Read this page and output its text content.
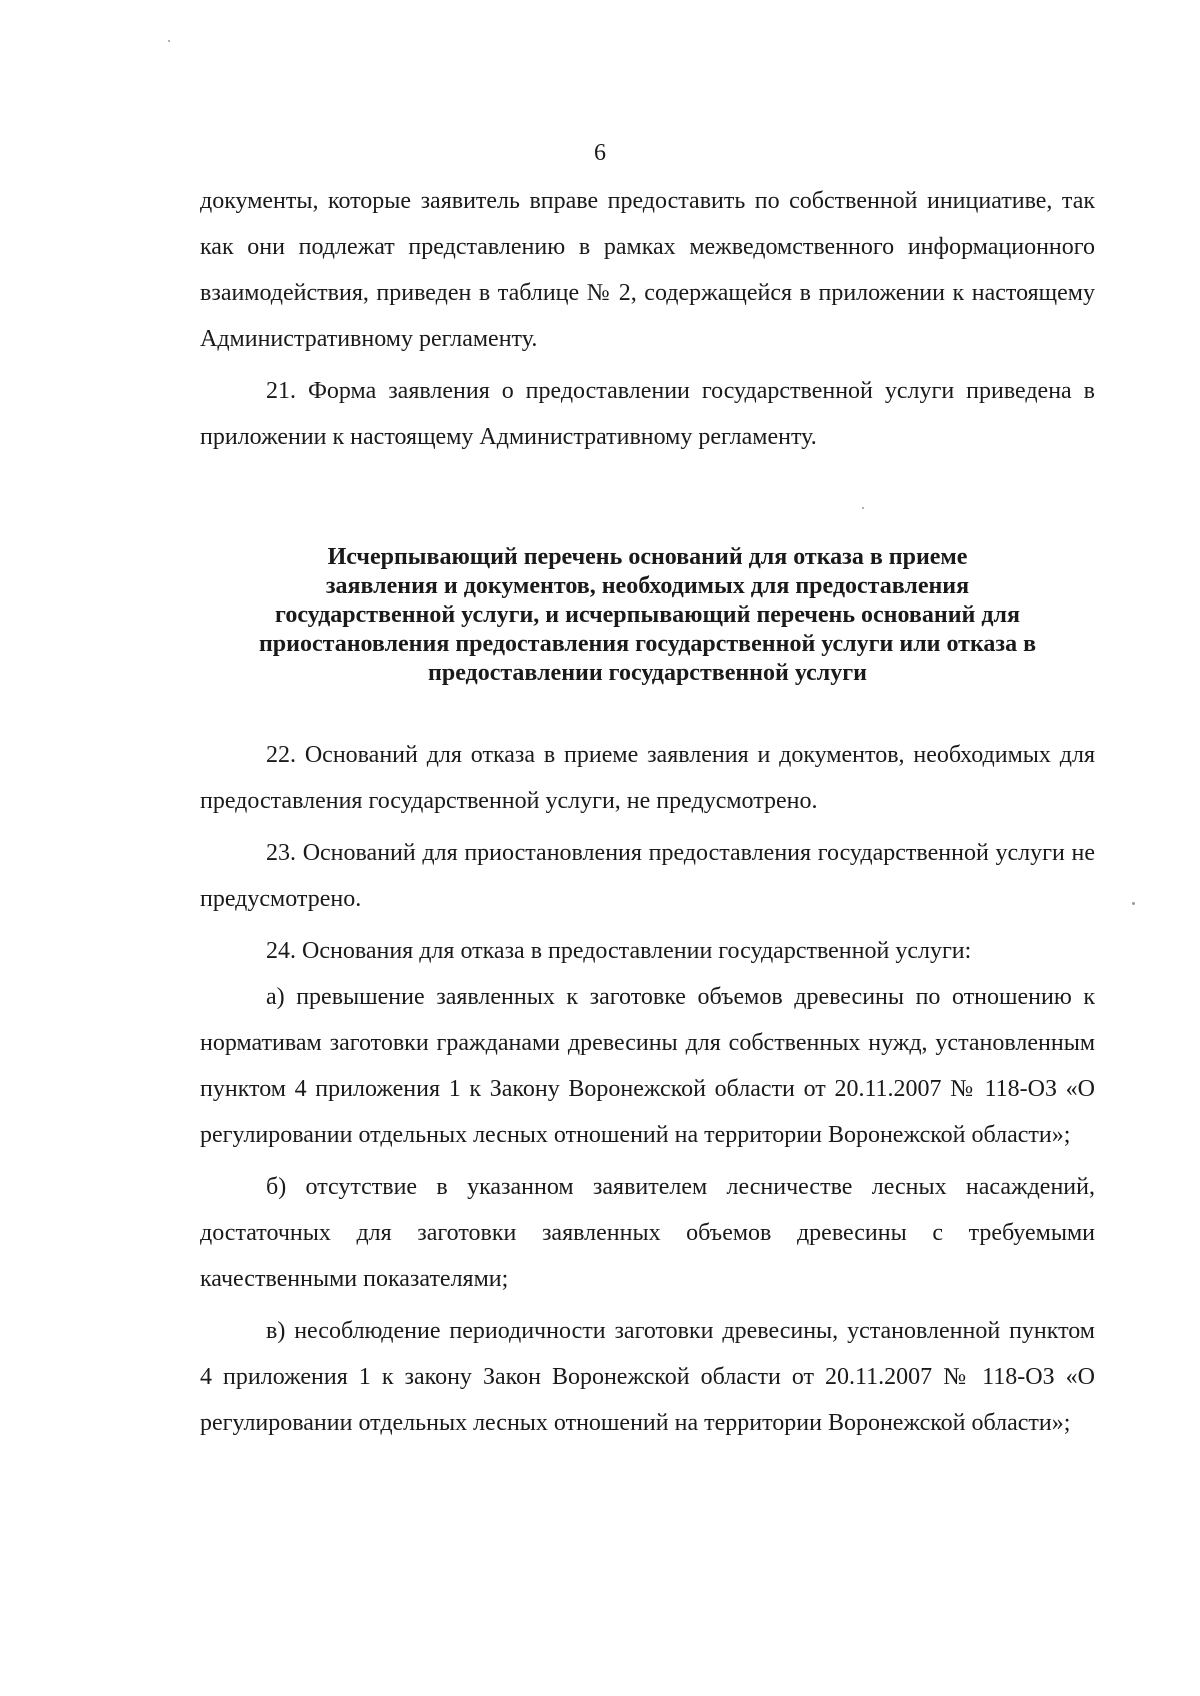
6

документы, которые заявитель вправе предоставить по собственной инициативе, так как они подлежат представлению в рамках межведомственного информационного взаимодействия, приведен в таблице № 2, содержащейся в приложении к настоящему Административному регламенту.

21. Форма заявления о предоставлении государственной услуги приведена в приложении к настоящему Административному регламенту.

Исчерпывающий перечень оснований для отказа в приеме
заявления и документов, необходимых для предоставления
государственной услуги, и исчерпывающий перечень оснований для
приостановления предоставления государственной услуги или отказа в
предоставлении государственной услуги

22. Оснований для отказа в приеме заявления и документов, необходимых для предоставления государственной услуги, не предусмотрено.

23. Оснований для приостановления предоставления государственной услуги не предусмотрено.

24. Основания для отказа в предоставлении государственной услуги:

а) превышение заявленных к заготовке объемов древесины по отношению к нормативам заготовки гражданами древесины для собственных нужд, установленным пунктом 4 приложения 1 к Закону Воронежской области от 20.11.2007 № 118-ОЗ «О регулировании отдельных лесных отношений на территории Воронежской области»;

б) отсутствие в указанном заявителем лесничестве лесных насаждений, достаточных для заготовки заявленных объемов древесины с требуемыми качественными показателями;

в) несоблюдение периодичности заготовки древесины, установленной пунктом 4 приложения 1 к закону Закон Воронежской области от 20.11.2007 № 118-ОЗ «О регулировании отдельных лесных отношений на территории Воронежской области»;
